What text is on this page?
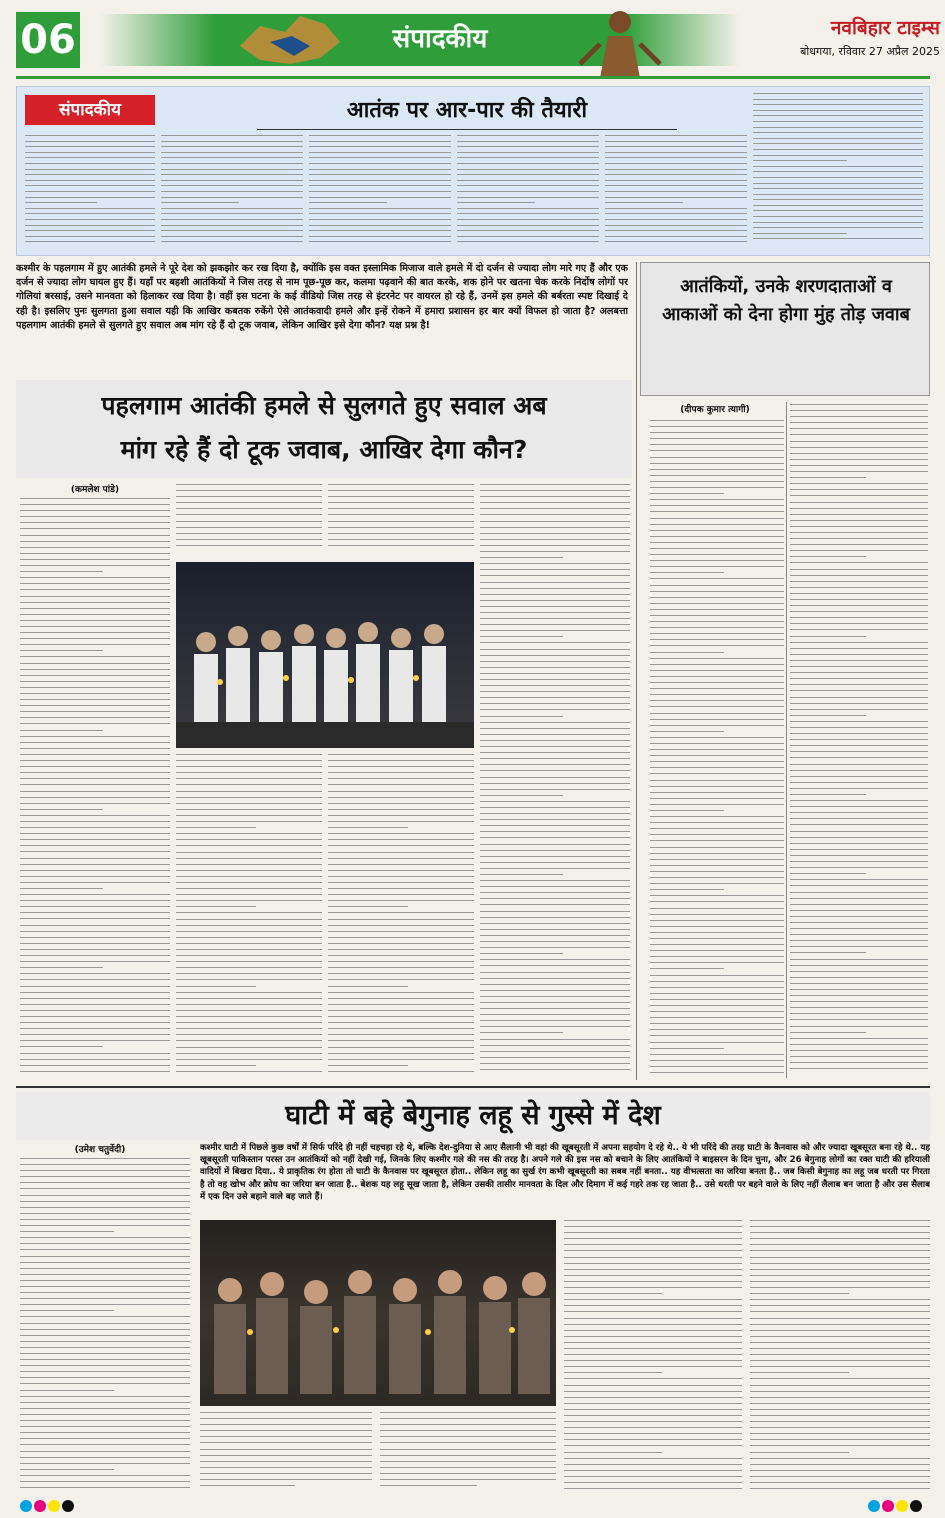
06	संपादकीय	नवबिहार टाइम्स
बोधगया, रविवार 27 अप्रैल 2025
संपादकीय	आतंक पर आर-पार की तैयारी
कश्मीर के पहलगाम में हुए आतंकी हमले ने पूरे देश को झकझोर कर रख दिया है, क्योंकि इस वक्त इस्लामिक मिजाज वाले हमले में दो दर्जन से ज्यादा लोग मारे गए हैं और एक दर्जन से ज्यादा लोग घायल हुए हैं। यहाँ पर बहशी आतंकियों ने जिस तरह से नाम पूछ-पूछ कर, कलमा पढ़वाने की बात करके, शक होने पर खतना चेक करके निर्दोष लोगों पर गोलियां बरसाई, उसने मानवता को हिलाकर रख दिया है। वहीं इस घटना के कई वीडियो जिस तरह से इंटरनेट पर वायरल हो रहे हैं, उनमें इस हमले की बर्बरता स्पष्ट दिखाई दे रही है। इसलिए पुनः सुलगता हुआ सवाल यही कि आखिर कबतक रुकेंगे ऐसे आतंकवादी हमले और इन्हें रोकने में हमारा प्रशासन हर बार क्यों विफल हो जाता है? अलबत्ता पहलगाम आतंकी हमले से सुलगते हुए सवाल अब मांग रहे हैं दो टूक जवाब, लेकिन आखिर इसे देगा कौन? यक्ष प्रश्न है!
आतंकियों, उनके शरणदाताओं व आकाओं को देना होगा मुंह तोड़ जवाब
(दीपक कुमार त्यागी)
पहलगाम आतंकी हमले से सुलगते हुए सवाल अब
मांग रहे हैं दो टूक जवाब, आखिर देगा कौन?
(कमलेश पांडे)
घाटी में बहे बेगुनाह लहू से गुस्से में देश
(उमेश चतुर्वेदी)	कश्मीर घाटी में पिछले कुछ वर्षों में सिर्फ परिंदे ही नहीं चहचहा रहे थे, बल्कि देश-दुनिया से आए सैलानी भी वहां की खूबसूरती में अपना सहयोग दे रहे थे.. ये भी परिंदे की तरह घाटी के कैनवास को और ज्यादा खूबसूरत बना रहे थे.. यह खूबसूरती पाकिस्तान परस्त उन आतंकियों को नहीं देखी गई, जिनके लिए कश्मीर गले की नस की तरह है। अपने गले की इस नस को बचाने के लिए आतंकियों ने बाइसरन के दिन चुना, और 26 बेगुनाह लोगों का रक्त घाटी की हरियाली वादियों में बिखरा दिया.. ये प्राकृतिक रंग होता तो घाटी के कैनवास पर खूबसूरत होता.. लेकिन लहू का सुर्ख रंग कभी खूबसूरती का सबब नहीं बनता.. यह वीभत्सता का जरिया बनता है.. जब किसी बेगुनाह का लहू जब धरती पर गिरता है तो वह खोभ और क्रोध का जरिया बन जाता है.. बेशक यह लहू सूख जाता है, लेकिन उसकी तासीर मानवता के दिल और दिमाग में कई गहरे तक रह जाता है.. उसे धरती पर बहने वाले के लिए नहीं लैलाब बन जाता है और उस सैलाब में एक दिन उसे बहाने वाले बह जाते हैं।
